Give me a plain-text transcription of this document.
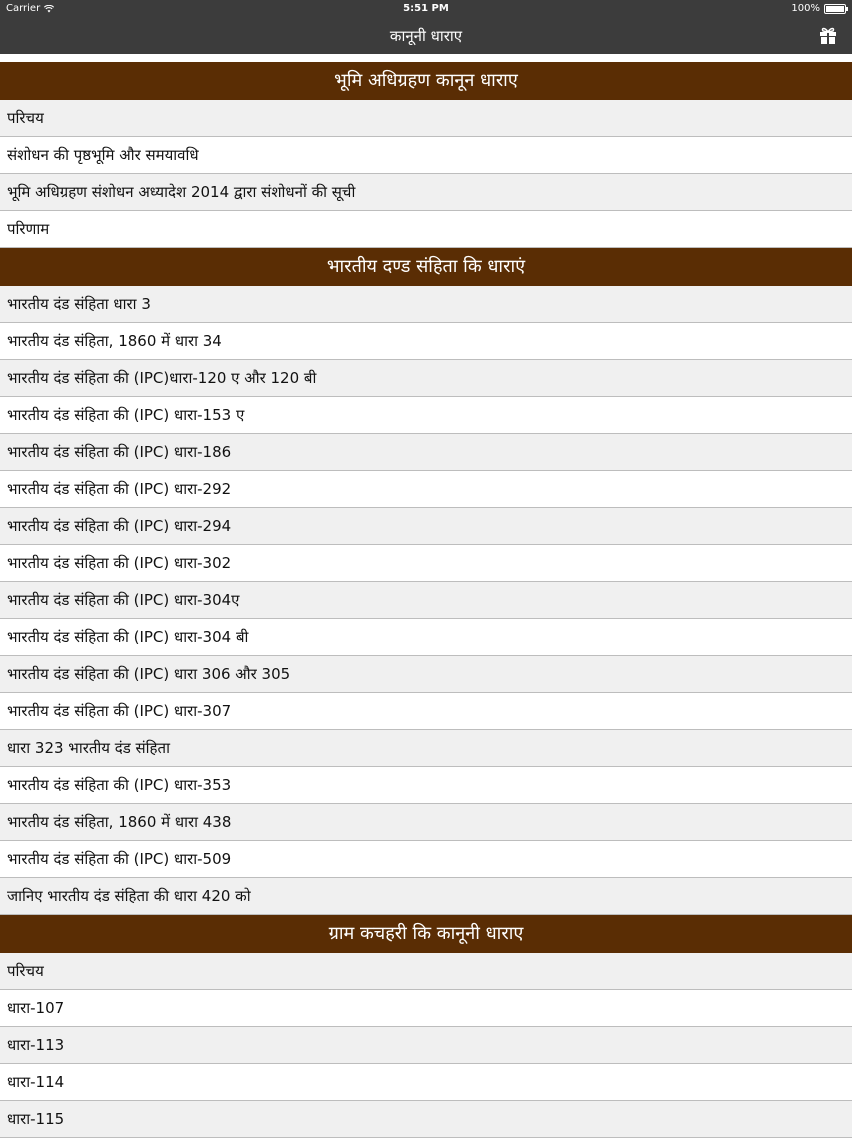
Carrier	5:51 PM	100%
कानूनी धाराए
भूमि अधिग्रहण कानून धाराए
परिचय
संशोधन की पृष्ठभूमि और समयावधि
भूमि अधिग्रहण संशोधन अध्यादेश 2014 द्वारा संशोधनों की सूची
परिणाम
भारतीय दण्ड संहिता कि धाराएं
भारतीय दंड संहिता धारा 3
भारतीय दंड संहिता, 1860 में धारा 34
भारतीय दंड संहिता की (IPC)धारा-120 ए और 120 बी
भारतीय दंड संहिता की (IPC) धारा-153 ए
भारतीय दंड संहिता की (IPC) धारा-186
भारतीय दंड संहिता की (IPC) धारा-292
भारतीय दंड संहिता की (IPC) धारा-294
भारतीय दंड संहिता की (IPC) धारा-302
भारतीय दंड संहिता की (IPC) धारा-304ए
भारतीय दंड संहिता की (IPC) धारा-304 बी
भारतीय दंड संहिता की (IPC) धारा 306 और 305
भारतीय दंड संहिता की (IPC) धारा-307
धारा 323 भारतीय दंड संहिता
भारतीय दंड संहिता की (IPC) धारा-353
भारतीय दंड संहिता, 1860 में धारा 438
भारतीय दंड संहिता की (IPC) धारा-509
जानिए भारतीय दंड संहिता की धारा 420 को
ग्राम कचहरी कि कानूनी धाराए
परिचय
धारा-107
धारा-113
धारा-114
धारा-115
